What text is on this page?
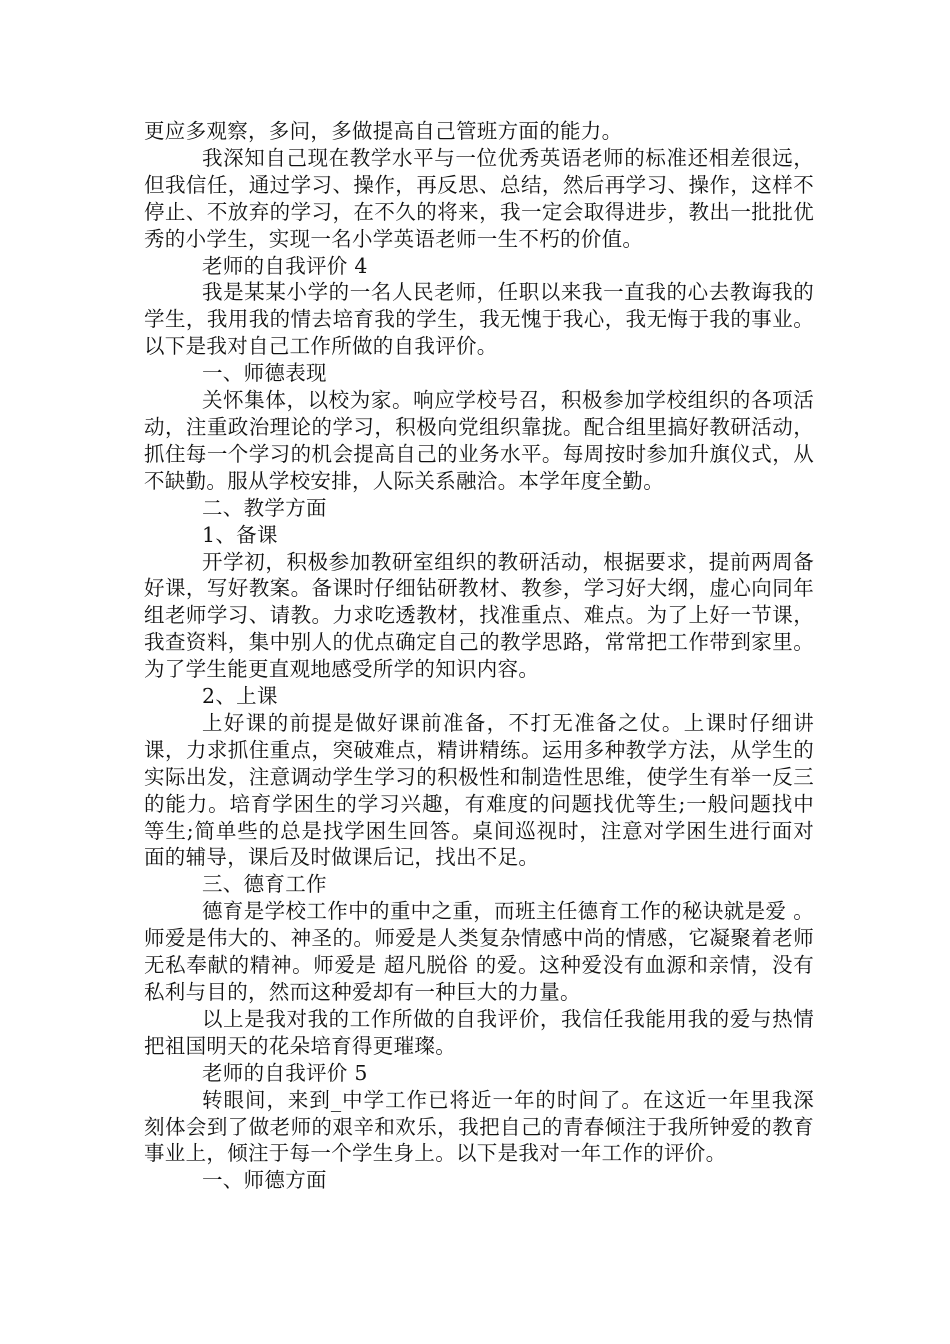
更应多观察，多问，多做提高自己管班方面的能力。

我深知自己现在教学水平与一位优秀英语老师的标准还相差很远，但我信任，通过学习、操作，再反思、总结，然后再学习、操作，这样不停止、不放弃的学习，在不久的将来，我一定会取得进步，教出一批批优秀的小学生，实现一名小学英语老师一生不朽的价值。

老师的自我评价 4

我是某某小学的一名人民老师，任职以来我一直我的心去教诲我的学生，我用我的情去培育我的学生，我无愧于我心，我无悔于我的事业。以下是我对自己工作所做的自我评价。

一、师德表现

关怀集体，以校为家。响应学校号召，积极参加学校组织的各项活动，注重政治理论的学习，积极向党组织靠拢。配合组里搞好教研活动，抓住每一个学习的机会提高自己的业务水平。每周按时参加升旗仪式，从不缺勤。服从学校安排，人际关系融洽。本学年度全勤。

二、教学方面

1、备课

开学初，积极参加教研室组织的教研活动，根据要求，提前两周备好课，写好教案。备课时仔细钻研教材、教参，学习好大纲，虚心向同年组老师学习、请教。力求吃透教材，找准重点、难点。为了上好一节课，我查资料，集中别人的优点确定自己的教学思路，常常把工作带到家里。为了学生能更直观地感受所学的知识内容。

2、上课

上好课的前提是做好课前准备，不打无准备之仗。上课时仔细讲课，力求抓住重点，突破难点，精讲精练。运用多种教学方法，从学生的实际出发，注意调动学生学习的积极性和制造性思维，使学生有举一反三的能力。培育学困生的学习兴趣，有难度的问题找优等生;一般问题找中等生;简单些的总是找学困生回答。桌间巡视时，注意对学困生进行面对面的辅导，课后及时做课后记，找出不足。

三、德育工作

德育是学校工作中的重中之重，而班主任德育工作的秘诀就是爱 。师爱是伟大的、神圣的。师爱是人类复杂情感中尚的情感，它凝聚着老师无私奉献的精神。师爱是 超凡脱俗 的爱。这种爱没有血源和亲情，没有私利与目的，然而这种爱却有一种巨大的力量。

以上是我对我的工作所做的自我评价，我信任我能用我的爱与热情把祖国明天的花朵培育得更璀璨。

老师的自我评价 5

转眼间，来到_中学工作已将近一年的时间了。在这近一年里我深刻体会到了做老师的艰辛和欢乐，我把自己的青春倾注于我所钟爱的教育事业上，倾注于每一个学生身上。以下是我对一年工作的评价。

一、师德方面
